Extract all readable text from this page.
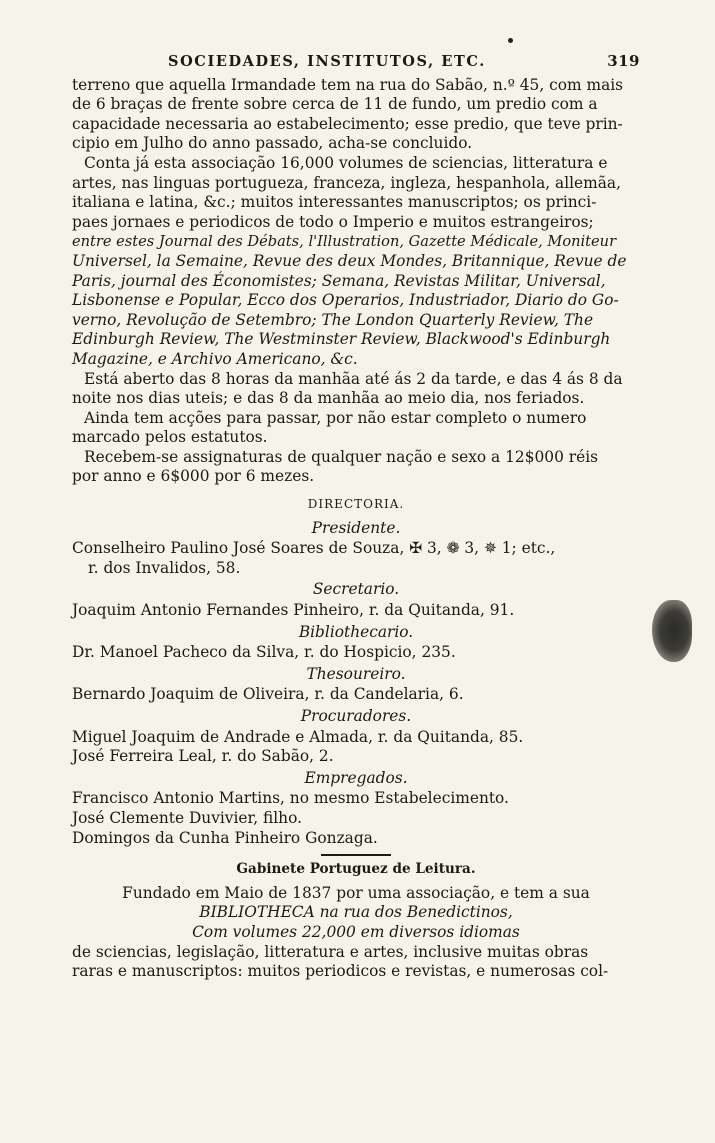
SOCIEDADES, INSTITUTOS, ETC.	319

terreno que aquella Irmandade tem na rua do Sabão, n.º 45, com mais

de 6 braças de frente sobre cerca de 11 de fundo, um predio com a

capacidade necessaria ao estabelecimento; esse predio, que teve prin-

cipio em Julho do anno passado, acha-se concluido.

Conta já esta associação 16,000 volumes de sciencias, litteratura e

artes, nas linguas portugueza, franceza, ingleza, hespanhola, allemãa,

italiana e latina, &c.; muitos interessantes manuscriptos; os princi-

paes jornaes e periodicos de todo o Imperio e muitos estrangeiros;

entre estes Journal des Débats, l'Illustration, Gazette Médicale, Moniteur

Universel, la Semaine, Revue des deux Mondes, Britannique, Revue de

Paris, journal des Économistes; Semana, Revistas Militar, Universal,

Lisbonense e Popular, Ecco dos Operarios, Industriador, Diario do Go-

verno, Revolução de Setembro; The London Quarterly Review, The

Edinburgh Review, The Westminster Review, Blackwood's Edinburgh

Magazine, e Archivo Americano, &c.

Está aberto das 8 horas da manhãa até ás 2 da tarde, e das 4 ás 8 da

noite nos dias uteis; e das 8 da manhãa ao meio dia, nos feriados.

Ainda tem acções para passar, por não estar completo o numero

marcado pelos estatutos.

Recebem-se assignaturas de qualquer nação e sexo a 12$000 réis

por anno e 6$000 por 6 mezes.

DIRECTORIA.
Presidente.

Conselheiro Paulino José Soares de Souza, ✠ 3, ❁ 3, ✵ 1; etc.,

r. dos Invalidos, 58.

Secretario.

Joaquim Antonio Fernandes Pinheiro, r. da Quitanda, 91.

Bibliothecario.

Dr. Manoel Pacheco da Silva, r. do Hospicio, 235.

Thesoureiro.

Bernardo Joaquim de Oliveira, r. da Candelaria, 6.

Procuradores.

Miguel Joaquim de Andrade e Almada, r. da Quitanda, 85.

José Ferreira Leal, r. do Sabão, 2.

Empregados.

Francisco Antonio Martins, no mesmo Estabelecimento.

José Clemente Duvivier, filho.

Domingos da Cunha Pinheiro Gonzaga.

Gabinete Portuguez de Leitura.

Fundado em Maio de 1837 por uma associação, e tem a sua

BIBLIOTHECA na rua dos Benedictinos,

Com volumes 22,000 em diversos idiomas

de sciencias, legislação, litteratura e artes, inclusive muitas obras

raras e manuscriptos: muitos periodicos e revistas, e numerosas col-
